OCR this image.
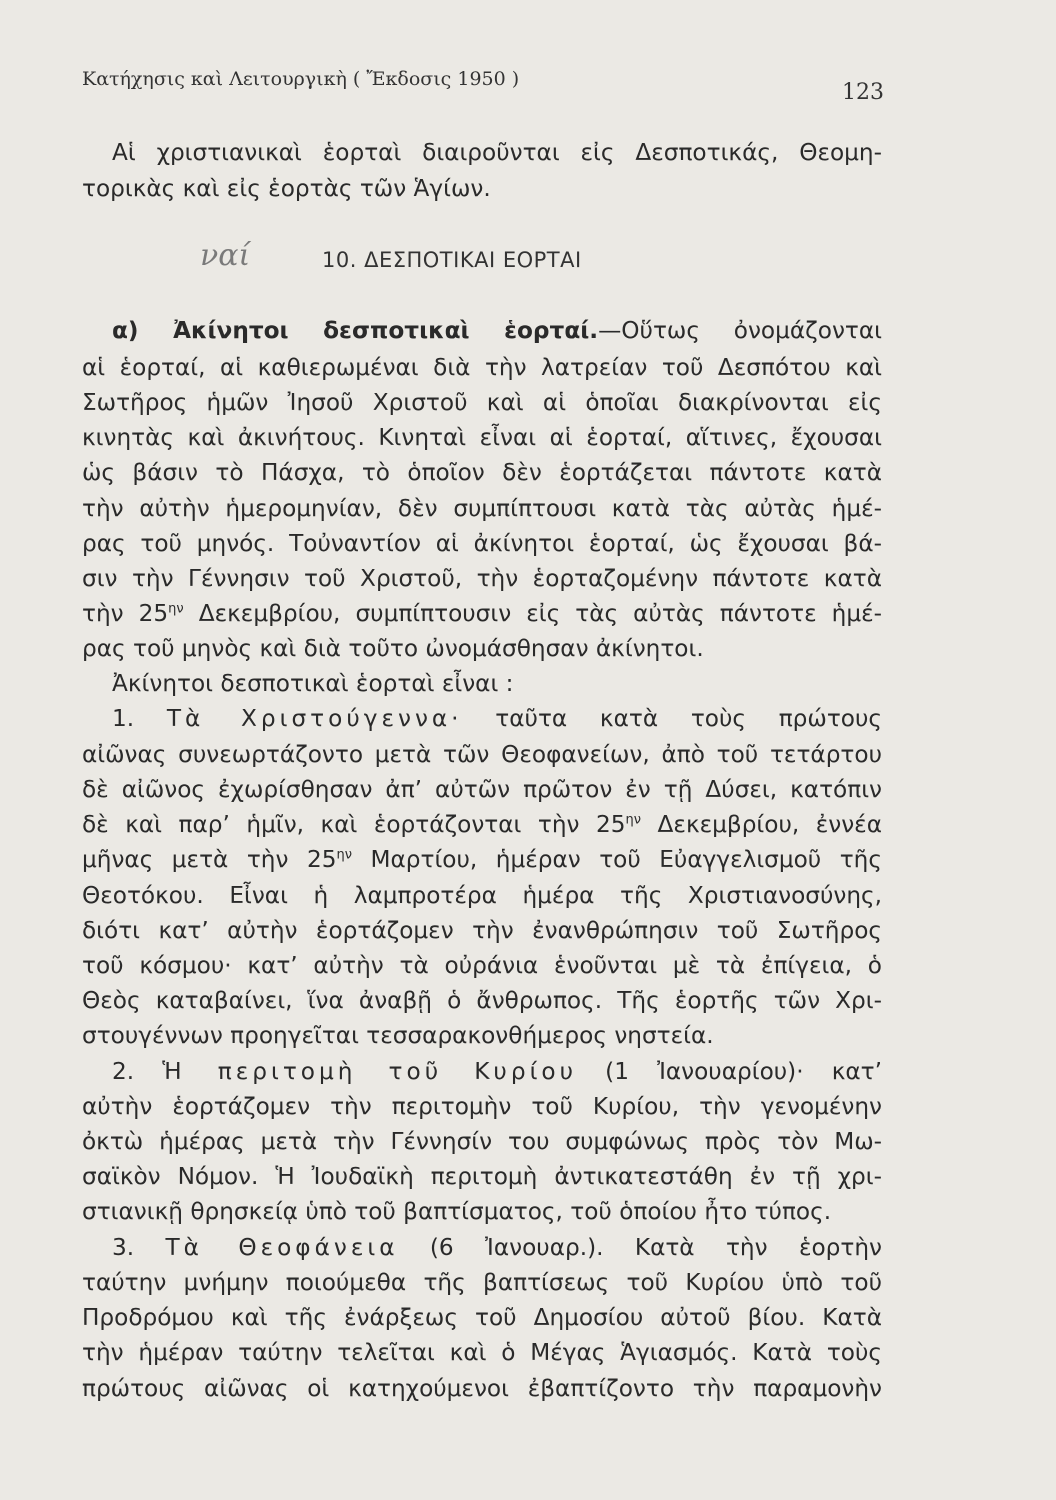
Κατήχησις καὶ Λειτουργικὴ ( Ἔκδοσις 1950 )
123
Αἱ χριστιανικαὶ ἑορταὶ διαιροῦνται εἰς Δεσποτικάς, Θεομη-
τορικὰς καὶ εἰς ἑορτὰς τῶν Ἁγίων.
ναί	10. ΔΕΣΠΟΤΙΚΑΙ ΕΟΡΤΑΙ
α) Ἀκίνητοι δεσποτικαὶ ἑορταί.—Οὕτως ὀνομάζονται
αἱ ἑορταί, αἱ καθιερωμέναι διὰ τὴν λατρείαν τοῦ Δεσπότου καὶ
Σωτῆρος ἡμῶν Ἰησοῦ Χριστοῦ καὶ αἱ ὁποῖαι διακρίνονται εἰς
κινητὰς καὶ ἀκινήτους. Κινηταὶ εἶναι αἱ ἑορταί, αἵτινες, ἔχουσαι
ὡς βάσιν τὸ Πάσχα, τὸ ὁποῖον δὲν ἑορτάζεται πάντοτε κατὰ
τὴν αὐτὴν ἡμερομηνίαν, δὲν συμπίπτουσι κατὰ τὰς αὐτὰς ἡμέ-
ρας τοῦ μηνός. Τοὐναντίον αἱ ἀκίνητοι ἑορταί, ὡς ἔχουσαι βά-
σιν τὴν Γέννησιν τοῦ Χριστοῦ, τὴν ἑορταζομένην πάντοτε κατὰ
τὴν $25^{\eta\nu}$ Δεκεμβρίου, συμπίπτουσιν εἰς τὰς αὐτὰς πάντοτε ἡμέ-
ρας τοῦ μηνὸς καὶ διὰ τοῦτο ὠνομάσθησαν ἀκίνητοι.
Ἀκίνητοι δεσποτικαὶ ἑορταὶ εἶναι :
1. Τὰ Χριστούγεννα· ταῦτα κατὰ τοὺς πρώτους
αἰῶνας συνεωρτάζοντο μετὰ τῶν Θεοφανείων, ἀπὸ τοῦ τετάρτου
δὲ αἰῶνος ἐχωρίσθησαν ἀπ’ αὐτῶν πρῶτον ἐν τῇ Δύσει, κατόπιν
δὲ καὶ παρ’ ἡμῖν, καὶ ἑορτάζονται τὴν $25^{\eta\nu}$ Δεκεμβρίου, ἐννέα
μῆνας μετὰ τὴν $25^{\eta\nu}$ Μαρτίου, ἡμέραν τοῦ Εὐαγγελισμοῦ τῆς
Θεοτόκου. Εἶναι ἡ λαμπροτέρα ἡμέρα τῆς Χριστιανοσύνης,
διότι κατ’ αὐτὴν ἑορτάζομεν τὴν ἐνανθρώπησιν τοῦ Σωτῆρος
τοῦ κόσμου· κατ’ αὐτὴν τὰ οὐράνια ἑνοῦνται μὲ τὰ ἐπίγεια, ὁ
Θεὸς καταβαίνει, ἵνα ἀναβῇ ὁ ἄνθρωπος. Τῆς ἑορτῆς τῶν Χρι-
στουγέννων προηγεῖται τεσσαρακονθήμερος νηστεία.
2. Ἡ περιτομὴ τοῦ Κυρίου (1 Ἰανουαρίου)· κατ’
αὐτὴν ἑορτάζομεν τὴν περιτομὴν τοῦ Κυρίου, τὴν γενομένην
ὀκτὼ ἡμέρας μετὰ τὴν Γέννησίν του συμφώνως πρὸς τὸν Μω-
σαϊκὸν Νόμον. Ἡ Ἰουδαϊκὴ περιτομὴ ἀντικατεστάθη ἐν τῇ χρι-
στιανικῇ θρησκείᾳ ὑπὸ τοῦ βαπτίσματος, τοῦ ὁποίου ἦτο τύπος.
3. Τὰ Θεοφάνεια (6 Ἰανουαρ.). Κατὰ τὴν ἑορτὴν
ταύτην μνήμην ποιούμεθα τῆς βαπτίσεως τοῦ Κυρίου ὑπὸ τοῦ
Προδρόμου καὶ τῆς ἐνάρξεως τοῦ Δημοσίου αὐτοῦ βίου. Κατὰ
τὴν ἡμέραν ταύτην τελεῖται καὶ ὁ Μέγας Ἁγιασμός. Κατὰ τοὺς
πρώτους αἰῶνας οἱ κατηχούμενοι ἐβαπτίζοντο τὴν παραμονὴν
